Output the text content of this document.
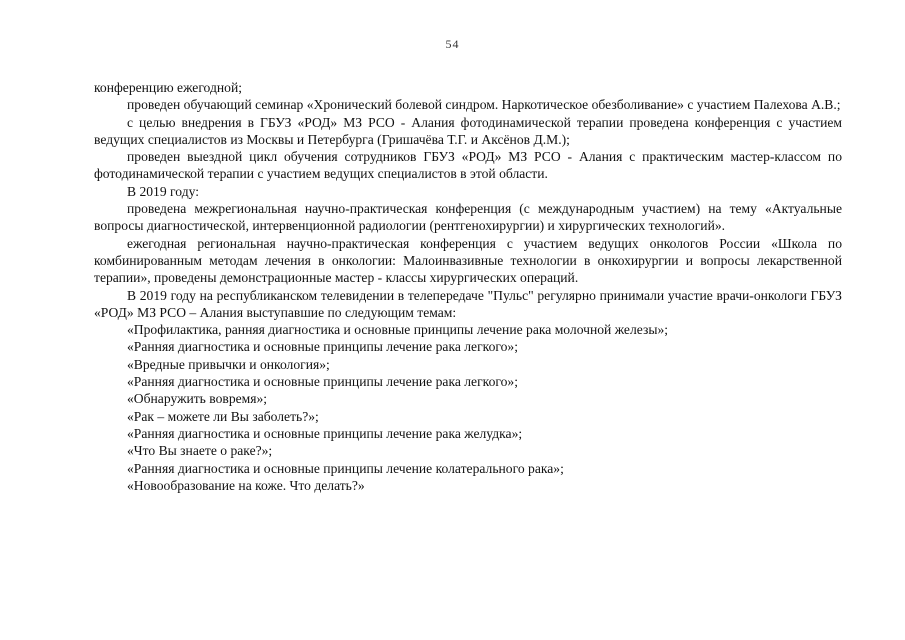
54

конференцию ежегодной;

проведен обучающий семинар «Хронический болевой синдром. Наркотическое обезболивание» с участием Палехова А.В.;

с целью внедрения в ГБУЗ «РОД» МЗ РСО - Алания фотодинамической терапии проведена конференция с участием ведущих специалистов из Москвы и Петербурга (Гришачёва Т.Г. и Аксёнов Д.М.);

проведен выездной цикл обучения сотрудников ГБУЗ «РОД» МЗ РСО - Алания с практическим мастер-классом по фотодинамической терапии с участием ведущих специалистов в этой области.

В 2019 году:

проведена межрегиональная научно-практическая конференция (с международным участием) на тему «Актуальные вопросы диагностической, интервенционной радиологии (рентгенохирургии) и хирургических технологий».

ежегодная региональная научно-практическая конференция с участием ведущих онкологов России «Школа по комбинированным методам лечения в онкологии: Малоинвазивные технологии в онкохирургии и вопросы лекарственной терапии», проведены демонстрационные мастер - классы хирургических операций.

В 2019 году на республиканском телевидении в телепередаче "Пульс" регулярно принимали участие врачи-онкологи ГБУЗ «РОД» МЗ РСО – Алания выступавшие по следующим темам:

«Профилактика, ранняя диагностика и основные принципы лечение рака молочной железы»;

«Ранняя диагностика и основные принципы лечение рака легкого»;

«Вредные привычки и онкология»;

«Ранняя диагностика и основные принципы лечение рака легкого»;

«Обнаружить вовремя»;

«Рак – можете ли Вы заболеть?»;

«Ранняя диагностика и основные принципы лечение рака желудка»;

«Что Вы знаете о раке?»;

«Ранняя диагностика и основные принципы лечение колатерального рака»;

«Новообразование на коже. Что делать?»
